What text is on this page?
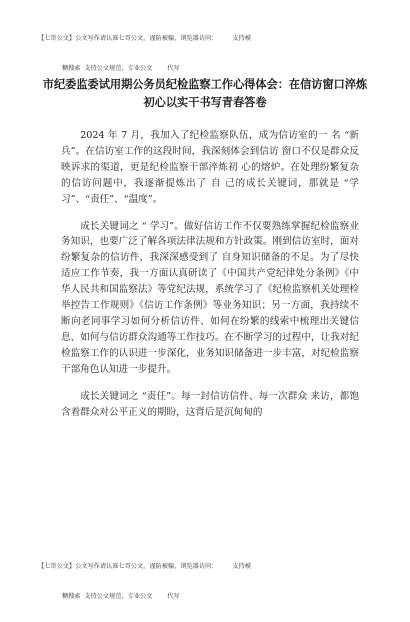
【七哥公文】公文写作请认准七哥公文，谨防被骗，浏览器访问：    支持模

糊搜索 支持公文规范，专业公文    代写

市纪委监委试用期公务员纪检监察工作心得体会：在信访窗口淬炼初心以实干书写青春答卷

2024 年 7 月，我加入了纪检监察队伍，成为信访室的一 名 “新兵”。在信访室工作的这段时间，我深刻体会到信访 窗口不仅是群众反映诉求的渠道，更是纪检监察干部淬炼初 心的熔炉。在处理纷繁复杂的信访问题中，我逐渐提炼出了 自 己的成长关键词，那就是 “学习”、“责任”、“温度”。

成长关键词之 “ 学习”。做好信访工作不仅要熟练掌握纪检监察业务知识，也要广泛了解各项法律法规和方针政策。刚到信访室时，面对纷繁复杂的信访件，我深深感受到了 自身知识储备的不足。为了尽快适应工作节奏，我一方面认真研读了《中国共产党纪律处分条例》《中华人民共和国监察法》等党纪法规，系统学习了《纪检监察机关处理检举控告工作规则》《信访工作条例》等业务知识；另一方面，我持续不断向老同事学习如何分析信访件、如何在纷繁的线索中梳理出关键信息、如何与信访群众沟通等工作技巧。在不断学习的过程中，让我对纪检监察工作的认识进一步深化，业务知识储备进一步丰富，对纪检监察干部角色认知进一步提升。

成长关键词之 “责任”。每一封信访信件、每一次群众 来访，都饱含着群众对公平正义的期盼，这背后是沉甸甸的

【七哥公文】公文写作请认准七哥公文，谨防被骗，浏览器访问：    支持模

糊搜索 支持公文规范，专业公文    代写
